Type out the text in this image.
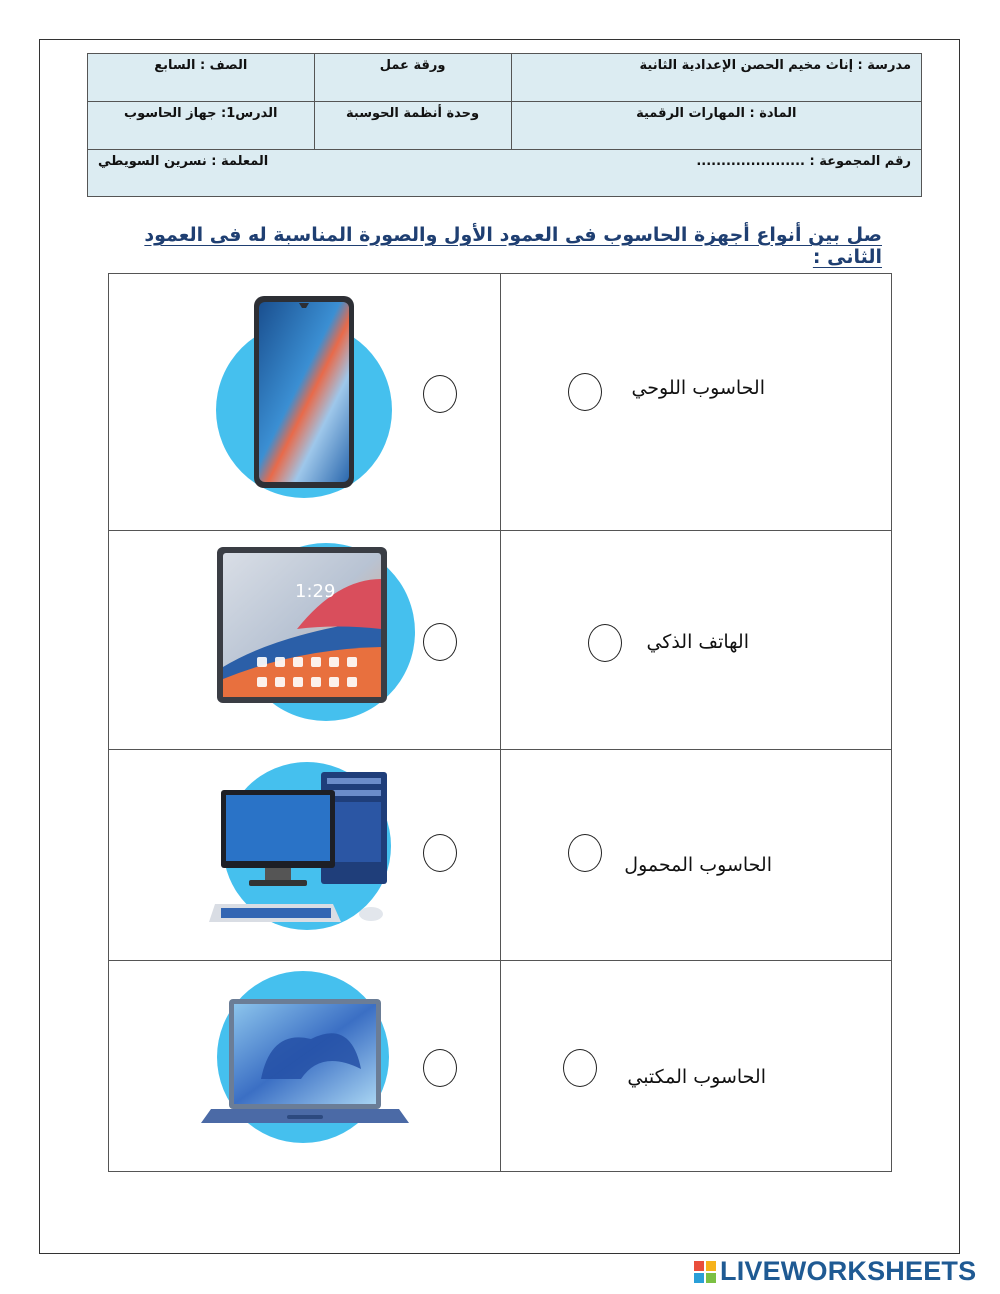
مدرسة : إناث مخيم الحصن الإعدادية الثانية	ورقة عمل	الصف : السابع
المادة : المهارات الرقمية	وحدة أنظمة الحوسبة	الدرس1: جهاز الحاسوب

رقم المجموعة : ......................
المعلمة : نسرين السويطي		
صل بين أنواع أجهزة الحاسوب فى العمود الأول والصورة المناسبة له فى العمود الثانى :

الحاسوب اللوحي

1:29	الهاتف الذكي

الحاسوب المحمول

الحاسوب المكتبي
LIVEWORKSHEETS
